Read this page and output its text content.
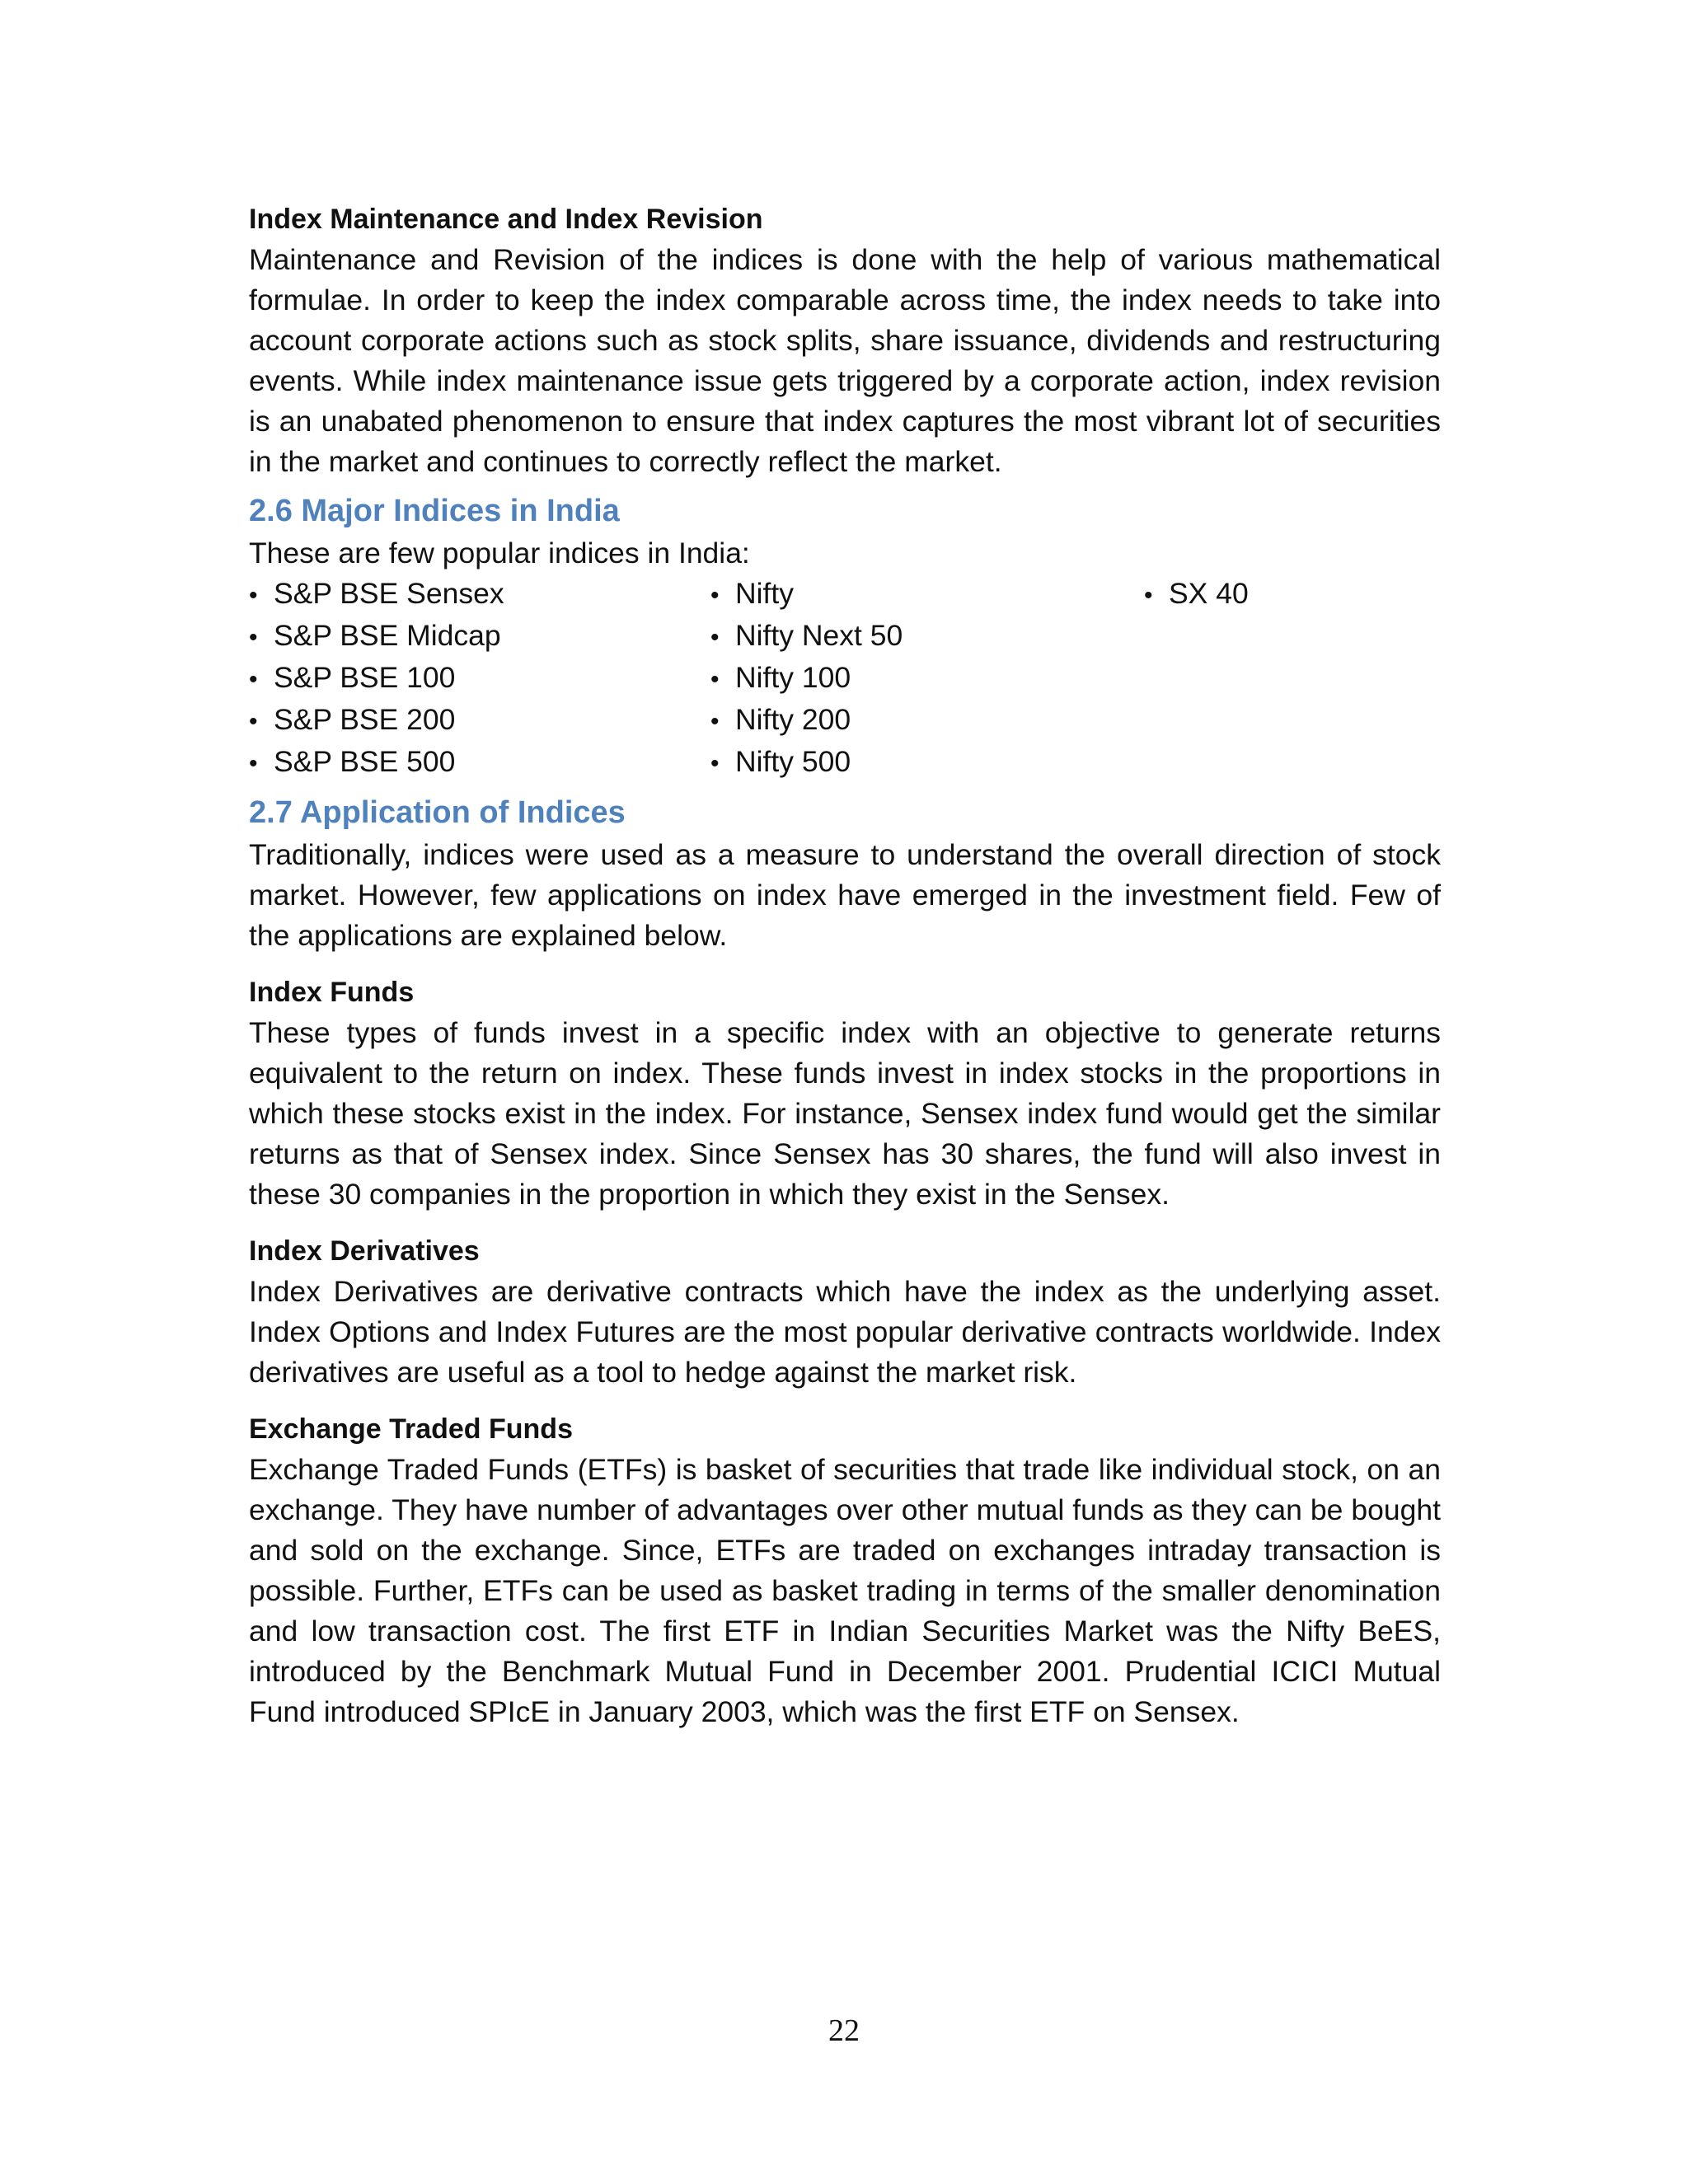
Index Maintenance and Index Revision

Maintenance and Revision of the indices is done with the help of various mathematical formulae. In order to keep the index comparable across time, the index needs to take into account corporate actions such as stock splits, share issuance, dividends and restructuring events. While index maintenance issue gets triggered by a corporate action, index revision is an unabated phenomenon to ensure that index captures the most vibrant lot of securities in the market and continues to correctly reflect the market.

2.6 Major Indices in India

These are few popular indices in India:

• S&P BSE Sensex
• S&P BSE Midcap
• S&P BSE 100
• S&P BSE 200
• S&P BSE 500
• Nifty
• Nifty Next 50
• Nifty 100
• Nifty 200
• Nifty 500
• SX 40
2.7 Application of Indices

Traditionally, indices were used as a measure to understand the overall direction of stock market. However, few applications on index have emerged in the investment field. Few of the applications are explained below.

Index Funds

These types of funds invest in a specific index with an objective to generate returns equivalent to the return on index. These funds invest in index stocks in the proportions in which these stocks exist in the index. For instance, Sensex index fund would get the similar returns as that of Sensex index. Since Sensex has 30 shares, the fund will also invest in these 30 companies in the proportion in which they exist in the Sensex.

Index Derivatives

Index Derivatives are derivative contracts which have the index as the underlying asset. Index Options and Index Futures are the most popular derivative contracts worldwide. Index derivatives are useful as a tool to hedge against the market risk.

Exchange Traded Funds

Exchange Traded Funds (ETFs) is basket of securities that trade like individual stock, on an exchange. They have number of advantages over other mutual funds as they can be bought and sold on the exchange. Since, ETFs are traded on exchanges intraday transaction is possible. Further, ETFs can be used as basket trading in terms of the smaller denomination and low transaction cost. The first ETF in Indian Securities Market was the Nifty BeES, introduced by the Benchmark Mutual Fund in December 2001. Prudential ICICI Mutual Fund introduced SPIcE in January 2003, which was the first ETF on Sensex.

22
